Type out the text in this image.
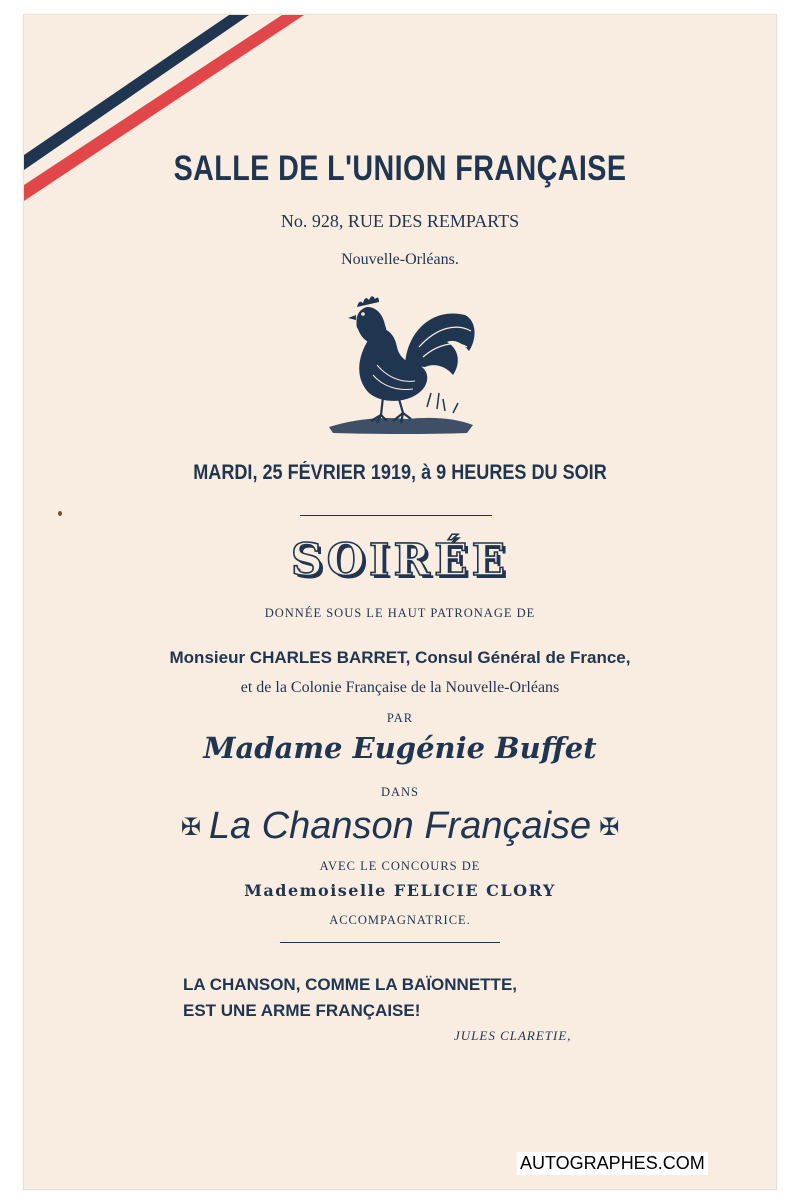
SALLE DE L'UNION FRANÇAISE
No. 928, RUE DES REMPARTS
Nouvelle-Orléans.
MARDI, 25 FÉVRIER 1919, à 9 HEURES DU SOIR
SOIRÉE
DONNÉE SOUS LE HAUT PATRONAGE DE
Monsieur CHARLES BARRET, Consul Général de France,
et de la Colonie Française de la Nouvelle-Orléans
PAR
Madame Eugénie Buffet
DANS
✠ La Chanson Française ✠
AVEC LE CONCOURS DE
Mademoiselle FELICIE CLORY
ACCOMPAGNATRICE.
LA CHANSON, COMME LA BAÏONNETTE,
EST UNE ARME FRANÇAISE!
JULES CLARETIE,
AUTOGRAPHES.COM
